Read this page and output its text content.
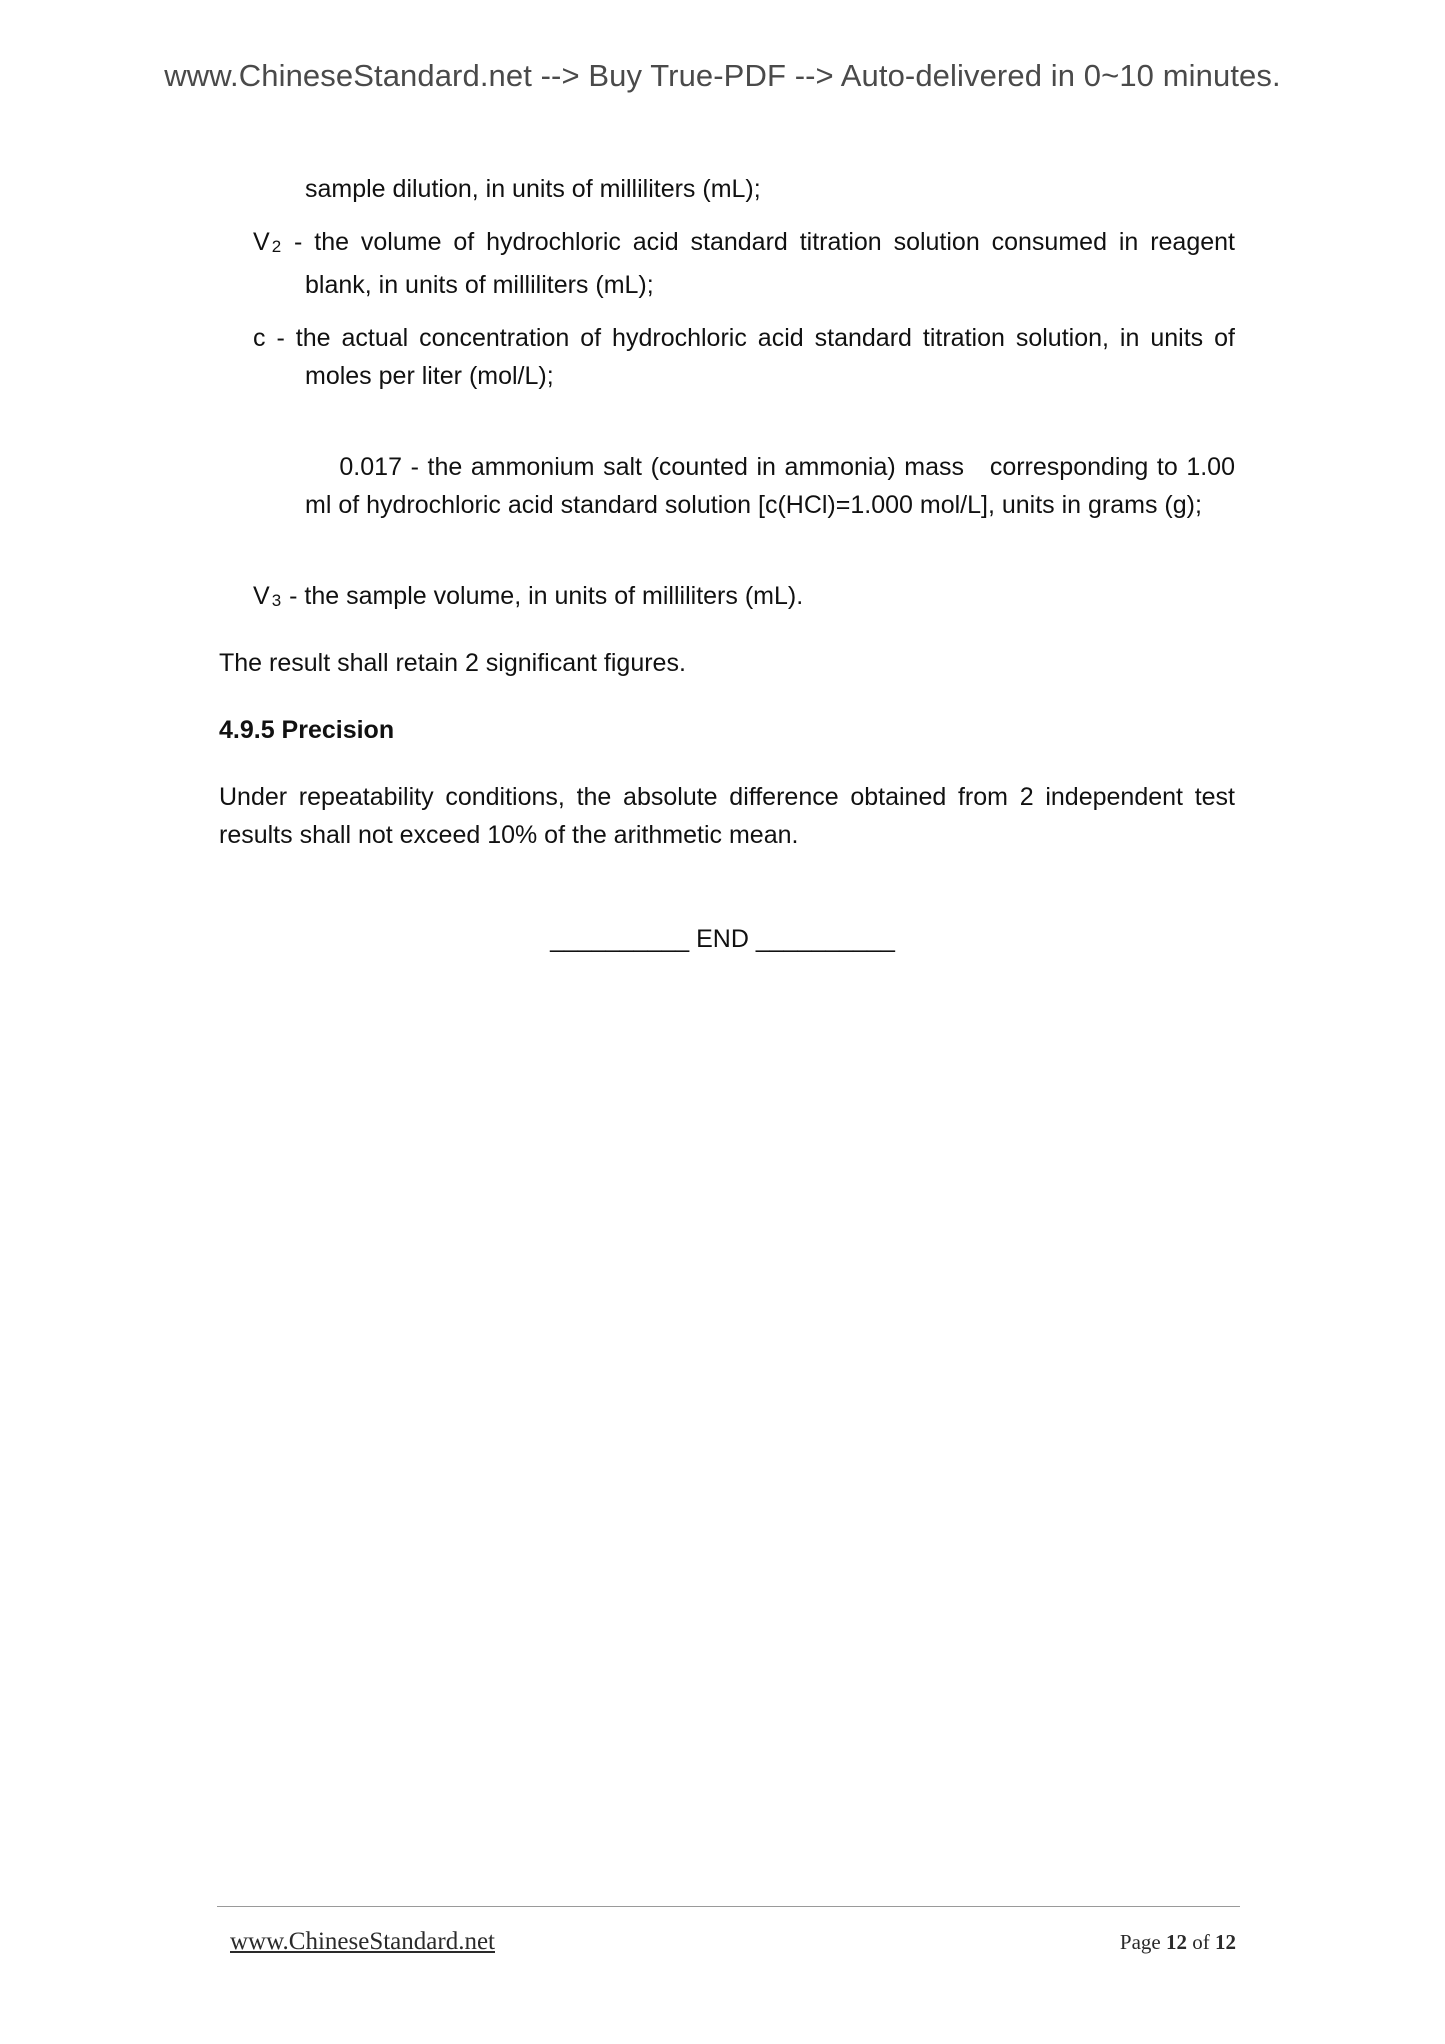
www.ChineseStandard.net --> Buy True-PDF --> Auto-delivered in 0~10 minutes.

sample dilution, in units of milliliters (mL);

V 2 - the volume of hydrochloric acid standard titration solution consumed in reagent blank, in units of milliliters (mL);

c - the actual concentration of hydrochloric acid standard titration solution, in units of moles per liter (mol/L);

0.017 - the ammonium salt (counted in ammonia) mass   corresponding to 1.00 ml of hydrochloric acid standard solution [c(HCl)=1.000 mol/L], units in grams (g);

V 3 - the sample volume, in units of milliliters (mL).

The result shall retain 2 significant figures.

4.9.5 Precision

Under repeatability conditions, the absolute difference obtained from 2 independent test results shall not exceed 10% of the arithmetic mean.

__________ END __________
www.ChineseStandard.net	Page 12 of 12
